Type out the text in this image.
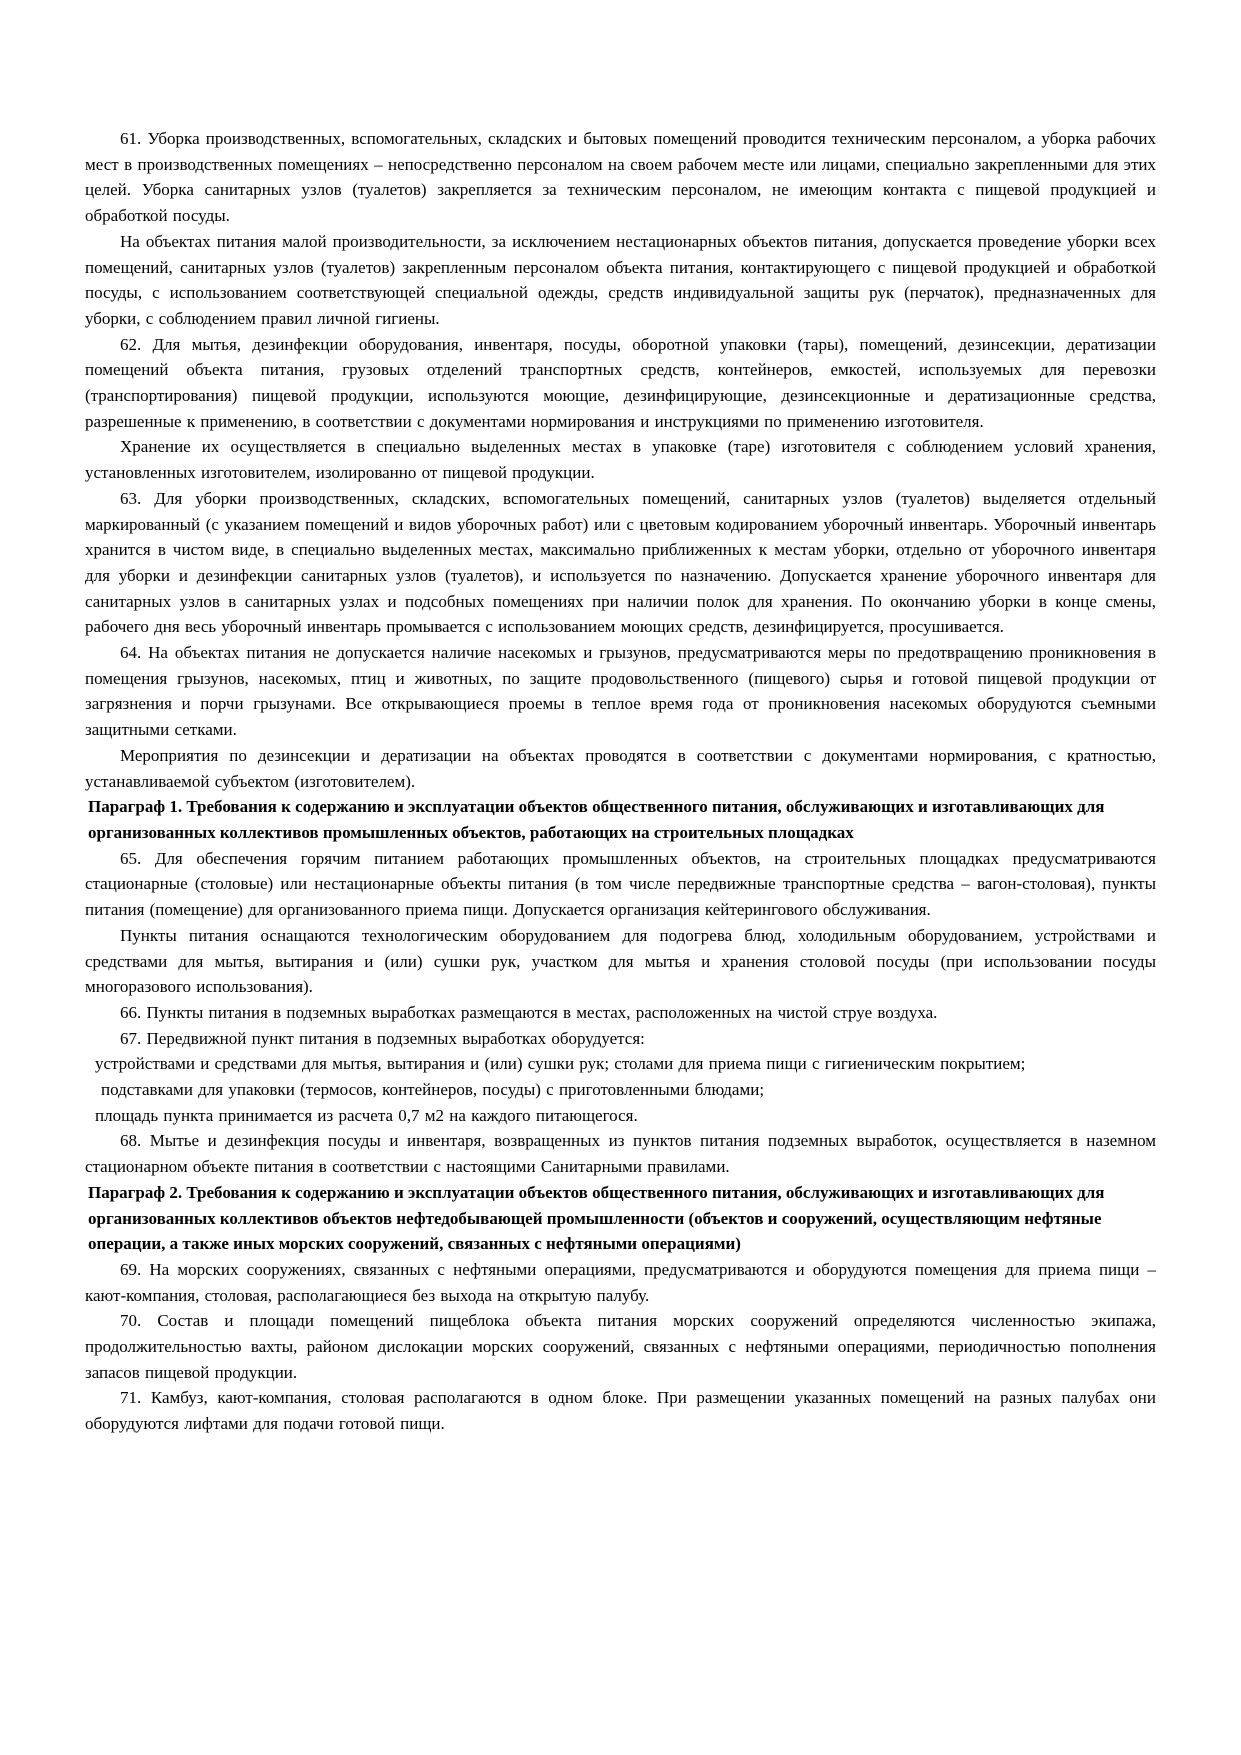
61. Уборка производственных, вспомогательных, складских и бытовых помещений проводится техническим персоналом, а уборка рабочих мест в производственных помещениях – непосредственно персоналом на своем рабочем месте или лицами, специально закрепленными для этих целей. Уборка санитарных узлов (туалетов) закрепляется за техническим персоналом, не имеющим контакта с пищевой продукцией и обработкой посуды.

На объектах питания малой производительности, за исключением нестационарных объектов питания, допускается проведение уборки всех помещений, санитарных узлов (туалетов) закрепленным персоналом объекта питания, контактирующего с пищевой продукцией и обработкой посуды, с использованием соответствующей специальной одежды, средств индивидуальной защиты рук (перчаток), предназначенных для уборки, с соблюдением правил личной гигиены.

62. Для мытья, дезинфекции оборудования, инвентаря, посуды, оборотной упаковки (тары), помещений, дезинсекции, дератизации помещений объекта питания, грузовых отделений транспортных средств, контейнеров, емкостей, используемых для перевозки (транспортирования) пищевой продукции, используются моющие, дезинфицирующие, дезинсекционные и дератизационные средства, разрешенные к применению, в соответствии с документами нормирования и инструкциями по применению изготовителя.

Хранение их осуществляется в специально выделенных местах в упаковке (таре) изготовителя с соблюдением условий хранения, установленных изготовителем, изолированно от пищевой продукции.

63. Для уборки производственных, складских, вспомогательных помещений, санитарных узлов (туалетов) выделяется отдельный маркированный (с указанием помещений и видов уборочных работ) или с цветовым кодированием уборочный инвентарь. Уборочный инвентарь хранится в чистом виде, в специально выделенных местах, максимально приближенных к местам уборки, отдельно от уборочного инвентаря для уборки и дезинфекции санитарных узлов (туалетов), и используется по назначению. Допускается хранение уборочного инвентаря для санитарных узлов в санитарных узлах и подсобных помещениях при наличии полок для хранения. По окончанию уборки в конце смены, рабочего дня весь уборочный инвентарь промывается с использованием моющих средств, дезинфицируется, просушивается.

64. На объектах питания не допускается наличие насекомых и грызунов, предусматриваются меры по предотвращению проникновения в помещения грызунов, насекомых, птиц и животных, по защите продовольственного (пищевого) сырья и готовой пищевой продукции от загрязнения и порчи грызунами. Все открывающиеся проемы в теплое время года от проникновения насекомых оборудуются съемными защитными сетками.

Мероприятия по дезинсекции и дератизации на объектах проводятся в соответствии с документами нормирования, с кратностью, устанавливаемой субъектом (изготовителем).

Параграф 1. Требования к содержанию и эксплуатации объектов общественного питания, обслуживающих и изготавливающих для организованных коллективов промышленных объектов, работающих на строительных площадках

65. Для обеспечения горячим питанием работающих промышленных объектов, на строительных площадках предусматриваются стационарные (столовые) или нестационарные объекты питания (в том числе передвижные транспортные средства – вагон-столовая), пункты питания (помещение) для организованного приема пищи. Допускается организация кейтерингового обслуживания.

Пункты питания оснащаются технологическим оборудованием для подогрева блюд, холодильным оборудованием, устройствами и средствами для мытья, вытирания и (или) сушки рук, участком для мытья и хранения столовой посуды (при использовании посуды многоразового использования).

66. Пункты питания в подземных выработках размещаются в местах, расположенных на чистой струе воздуха.

67. Передвижной пункт питания в подземных выработках оборудуется:

устройствами и средствами для мытья, вытирания и (или) сушки рук; столами для приема пищи с гигиеническим покрытием;

подставками для упаковки (термосов, контейнеров, посуды) с приготовленными блюдами;

площадь пункта принимается из расчета 0,7 м2 на каждого питающегося.

68. Мытье и дезинфекция посуды и инвентаря, возвращенных из пунктов питания подземных выработок, осуществляется в наземном стационарном объекте питания в соответствии с настоящими Санитарными правилами.

Параграф 2. Требования к содержанию и эксплуатации объектов общественного питания, обслуживающих и изготавливающих для организованных коллективов объектов нефтедобывающей промышленности (объектов и сооружений, осуществляющим нефтяные операции, а также иных морских сооружений, связанных с нефтяными операциями)

69. На морских сооружениях, связанных с нефтяными операциями, предусматриваются и оборудуются помещения для приема пищи – кают-компания, столовая, располагающиеся без выхода на открытую палубу.

70. Состав и площади помещений пищеблока объекта питания морских сооружений определяются численностью экипажа, продолжительностью вахты, районом дислокации морских сооружений, связанных с нефтяными операциями, периодичностью пополнения запасов пищевой продукции.

71. Камбуз, кают-компания, столовая располагаются в одном блоке. При размещении указанных помещений на разных палубах они оборудуются лифтами для подачи готовой пищи.
